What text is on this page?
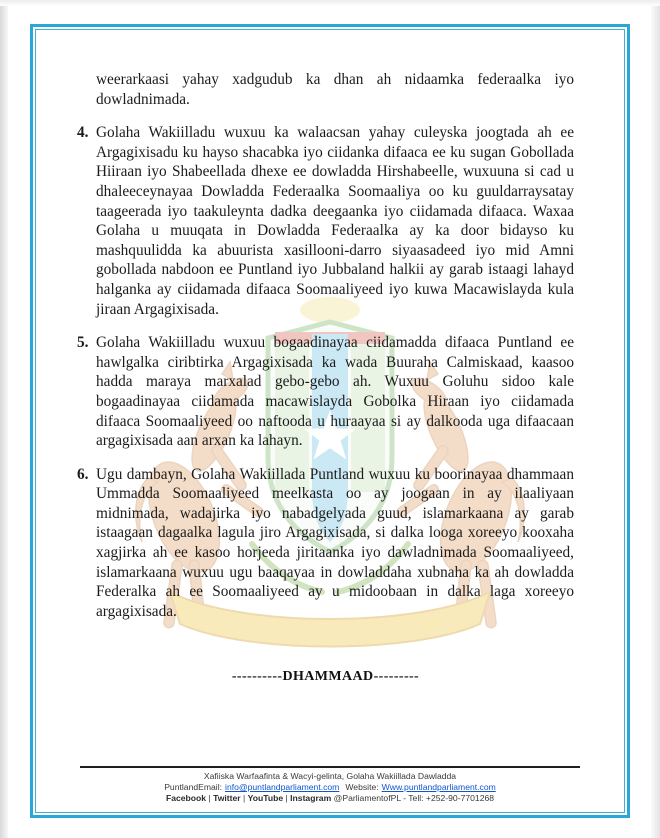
weerarkaasi yahay xadgudub ka dhan ah nidaamka federaalka iyo dowladnimada.

4. Golaha Wakiilladu wuxuu ka walaacsan yahay culeyska joogtada ah ee Argagixisadu ku hayso shacabka iyo ciidanka difaaca ee ku sugan Gobollada Hiiraan iyo Shabeellada dhexe ee dowladda Hirshabeelle, wuxuuna si cad u dhaleeceynayaa Dowladda Federaalka Soomaaliya oo ku guuldarraysatay taageerada iyo taakuleynta dadka deegaanka iyo ciidamada difaaca. Waxaa Golaha u muuqata in Dowladda Federaalka ay ka door bidayso ku mashquulidda ka abuurista xasillooni-darro siyaasadeed iyo mid Amni gobollada nabdoon ee Puntland iyo Jubbaland halkii ay garab istaagi lahayd halganka ay ciidamada difaaca Soomaaliyeed iyo kuwa Macawislayda kula jiraan Argagixisada.
5. Golaha Wakiilladu wuxuu bogaadinayaa ciidamadda difaaca Puntland ee hawlgalka ciribtirka Argagixisada ka wada Buuraha Calmiskaad, kaasoo hadda maraya marxalad gebo-gebo ah. Wuxuu Goluhu sidoo kale bogaadinayaa ciidamada macawislayda Gobolka Hiraan iyo ciidamada difaaca Soomaaliyeed oo naftooda u huraayaa si ay dalkooda uga difaacaan argagixisada aan arxan ka lahayn.
6. Ugu dambayn, Golaha Wakiillada Puntland wuxuu ku boorinayaa dhammaan Ummadda Soomaaliyeed meelkasta oo ay joogaan in ay ilaaliyaan midnimada, wadajirka iyo nabadgelyada guud, islamarkaana ay garab istaagaan dagaalka lagula jiro Argagixisada, si dalka looga xoreeyo kooxaha xagjirka ah ee kasoo horjeeda jiritaanka iyo dawladnimada Soomaaliyeed, islamarkaana wuxuu ugu baaqayaa in dowladdaha xubnaha ka ah dowladda Federalka ah ee Soomaaliyeed ay u midoobaan in dalka laga xoreeyo argagixisada.
----------DHAMMAAD---------
Xafiiska Warfaafinta & Wacyi-gelinta, Golaha Wakiillada Dawladda PuntlandEmail: info@puntlandparliament.com Website: Www.puntlandparliament.com
Facebook | Twitter | YouTube | Instagram @ParliamentofPL - Tell: +252-90-7701268
